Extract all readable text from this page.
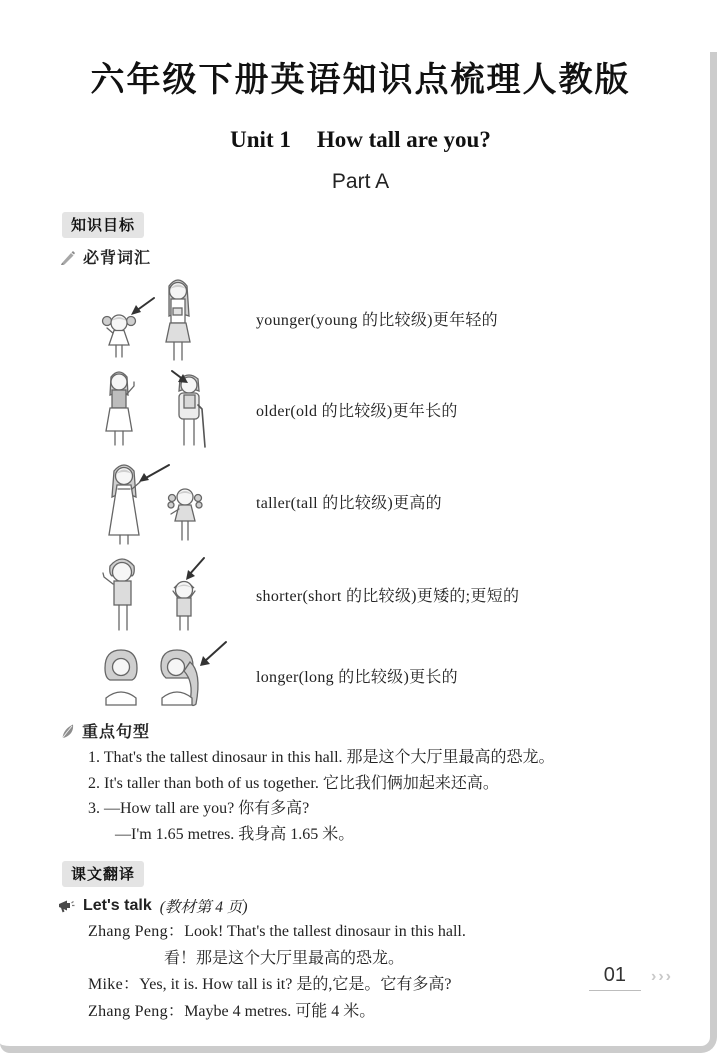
六年级下册英语知识点梳理人教版
Unit 1 How tall are you?
Part A
知识目标
必背词汇
younger(young 的比较级)更年轻的
older(old 的比较级)更年长的
taller(tall 的比较级)更高的
shorter(short 的比较级)更矮的;更短的
longer(long 的比较级)更长的
重点句型
1. That's the tallest dinosaur in this hall. 那是这个大厅里最高的恐龙。
2. It's taller than both of us together. 它比我们俩加起来还高。
3. —How tall are you? 你有多高?
—I'm 1.65 metres. 我身高 1.65 米。
课文翻译
Let's talk (教材第 4 页)
Zhang Peng：Look! That's the tallest dinosaur in this hall.
看！那是这个大厅里最高的恐龙。
Mike：Yes, it is. How tall is it? 是的,它是。它有多高?
Zhang Peng：Maybe 4 metres. 可能 4 米。
01	›››
